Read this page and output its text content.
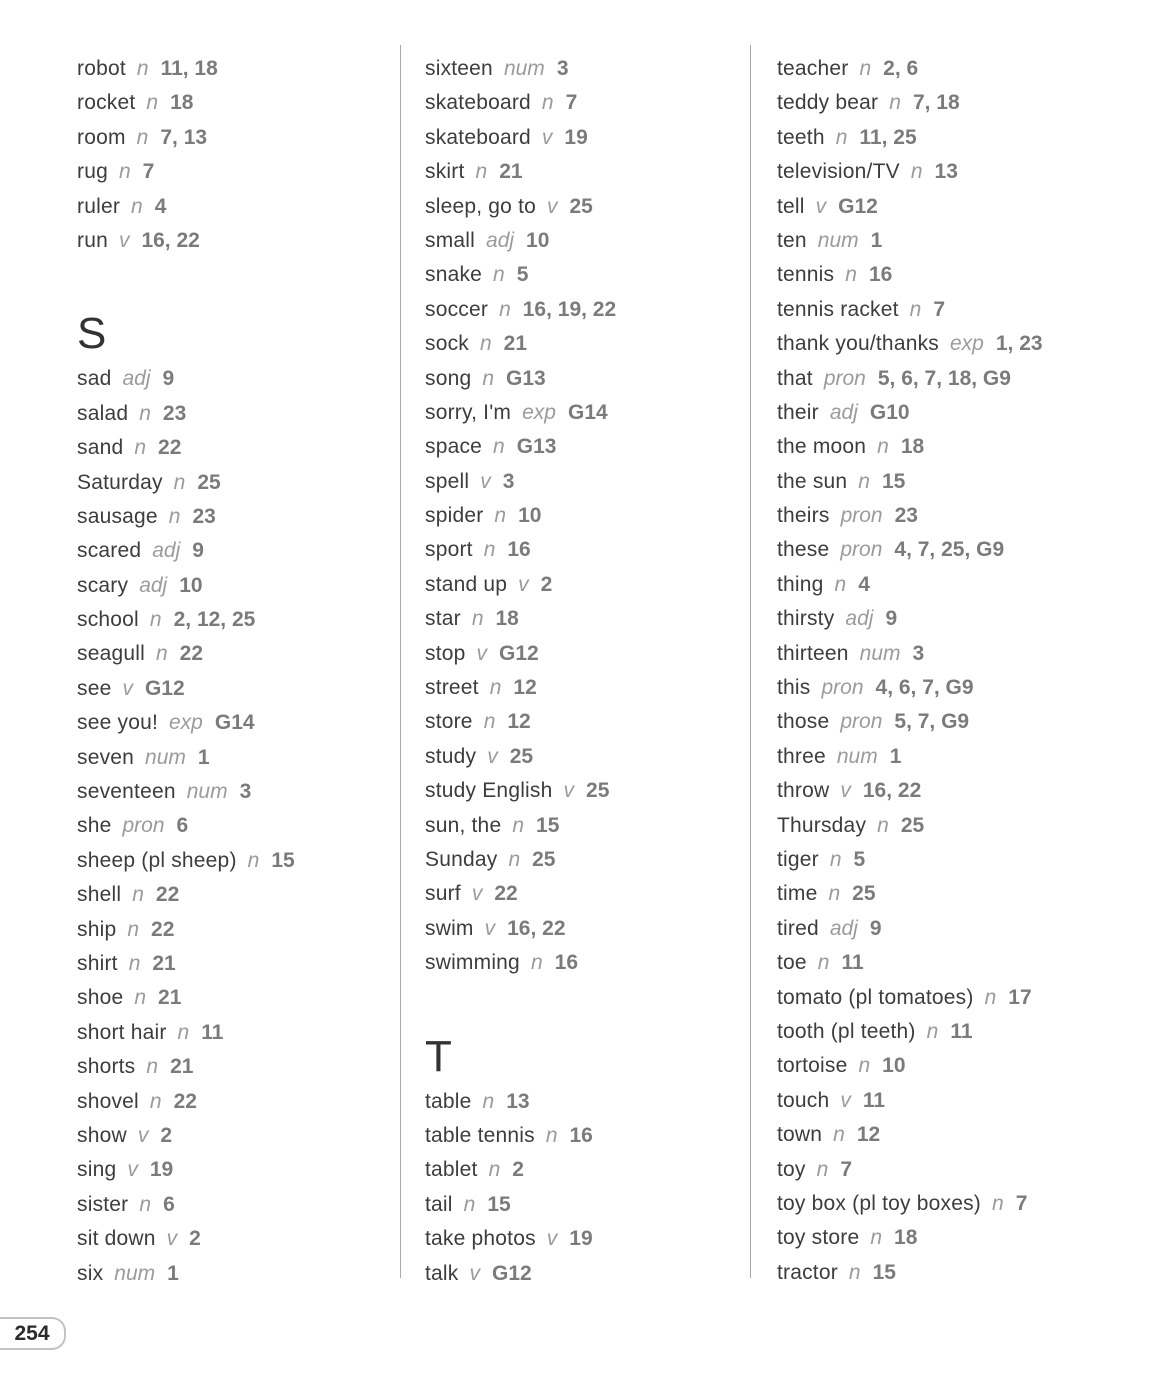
robot n 11, 18
rocket n 18
room n 7, 13
rug n 7
ruler n 4
run v 16, 22
S
sad adj 9
salad n 23
sand n 22
Saturday n 25
sausage n 23
scared adj 9
scary adj 10
school n 2, 12, 25
seagull n 22
see v G12
see you! exp G14
seven num 1
seventeen num 3
she pron 6
sheep (pl sheep) n 15
shell n 22
ship n 22
shirt n 21
shoe n 21
short hair n 11
shorts n 21
shovel n 22
show v 2
sing v 19
sister n 6
sit down v 2
six num 1
sixteen num 3
skateboard n 7
skateboard v 19
skirt n 21
sleep, go to v 25
small adj 10
snake n 5
soccer n 16, 19, 22
sock n 21
song n G13
sorry, I'm exp G14
space n G13
spell v 3
spider n 10
sport n 16
stand up v 2
star n 18
stop v G12
street n 12
store n 12
study v 25
study English v 25
sun, the n 15
Sunday n 25
surf v 22
swim v 16, 22
swimming n 16
T
table n 13
table tennis n 16
tablet n 2
tail n 15
take photos v 19
talk v G12
teacher n 2, 6
teddy bear n 7, 18
teeth n 11, 25
television/TV n 13
tell v G12
ten num 1
tennis n 16
tennis racket n 7
thank you/thanks exp 1, 23
that pron 5, 6, 7, 18, G9
their adj G10
the moon n 18
the sun n 15
theirs pron 23
these pron 4, 7, 25, G9
thing n 4
thirsty adj 9
thirteen num 3
this pron 4, 6, 7, G9
those pron 5, 7, G9
three num 1
throw v 16, 22
Thursday n 25
tiger n 5
time n 25
tired adj 9
toe n 11
tomato (pl tomatoes) n 17
tooth (pl teeth) n 11
tortoise n 10
touch v 11
town n 12
toy n 7
toy box (pl toy boxes) n 7
toy store n 18
tractor n 15
254
